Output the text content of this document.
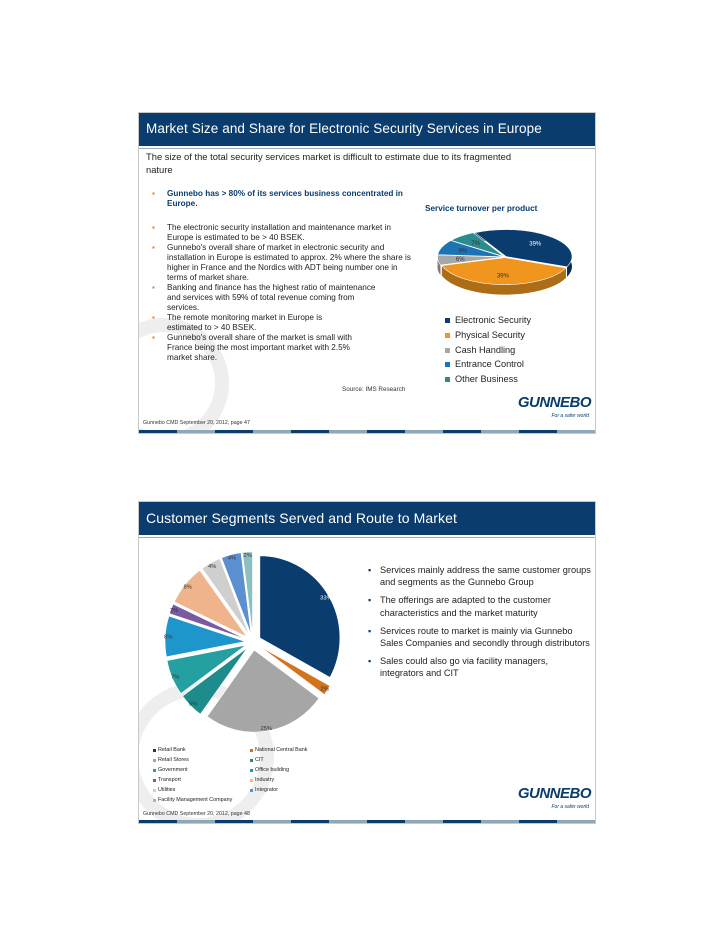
Market Size and Share for Electronic Security Services in Europe
The size of the total security services market is difficult to estimate due to its fragmented nature
▪ Gunnebo has > 80% of its services business concentrated in Europe.
▪ The electronic security installation and maintenance market in Europe is estimated to be > 40 BSEK.
▪ Gunnebo's overall share of market in electronic security and installation in Europe is estimated to approx. 2% where the share is higher in France and the Nordics with ADT being number one in terms of market share.
▪ Banking and finance has the highest ratio of maintenance and services with 59% of total revenue coming from services.
▪ The remote monitoring market in Europe is estimated to > 40 BSEK.
▪ Gunnebo's overall share of the market is small with France being the most important market with 2.5% market share.
Service turnover per product
39%
39%
6%
9%
7%
Electronic Security
Physical Security
Cash Handling
Entrance Control
Other Business
Source: IMS Research
GUNNEBO
For a safer world
Gunnebo CMD September 20, 2012, page 47
Customer Segments Served and Route to Market
33%
2%
25%
5%
7%
8%
2%
8%
4%
4% 2%
▪ Services mainly address the same customer groups and segments as the Gunnebo Group
▪ The offerings are adapted to the customer characteristics and the market maturity
▪ Services route to market is mainly via Gunnebo Sales Companies and secondly through distributors
▪ Sales could also go via facility managers, integrators and CIT
Retail Bank	National Central Bank
Retail Stores	CIT
Government	Office building
Transport	Industry
Utilities	Integrator
Facility Management Company	GUNNEBO
For a safer world
Gunnebo CMD September 20, 2012, page 48
